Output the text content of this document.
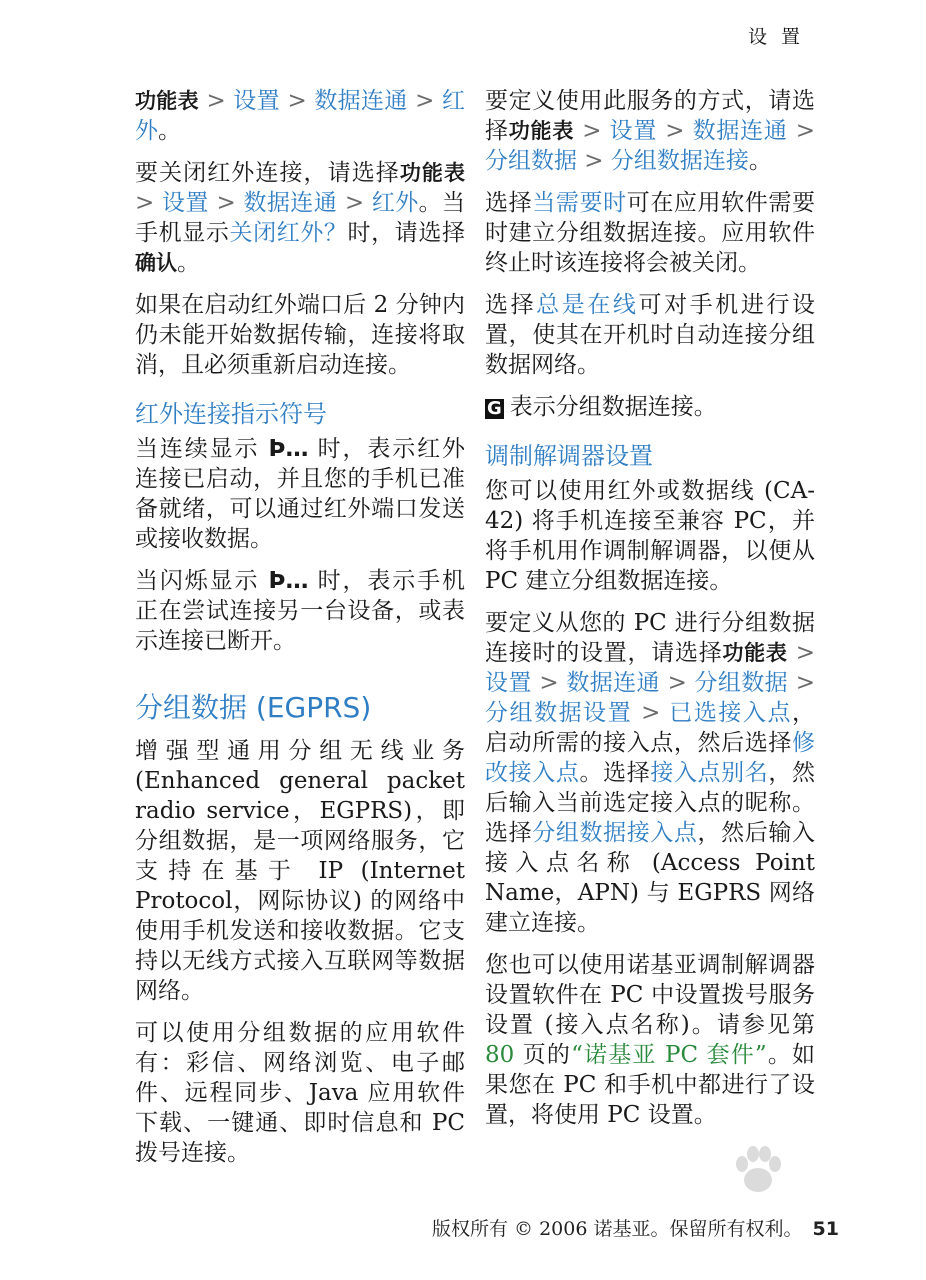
设 置

功能表 > 设置 > 数据连通 > 红外。

要关闭红外连接，请选择功能表 > 设置 > 数据连通 > 红外。当手机显示关闭红外？时，请选择确认。

如果在启动红外端口后 2 分钟内仍未能开始数据传输，连接将取消，且必须重新启动连接。

红外连接指示符号

当连续显示 Þ… 时，表示红外连接已启动，并且您的手机已准备就绪，可以通过红外端口发送或接收数据。

当闪烁显示 Þ… 时，表示手机正在尝试连接另一台设备，或表示连接已断开。

分组数据 (EGPRS)

增强型通用分组无线业务 (Enhanced general packet radio service，EGPRS)，即分组数据，是一项网络服务，它支持在基于 IP (Internet Protocol，网际协议) 的网络中使用手机发送和接收数据。它支持以无线方式接入互联网等数据网络。

可以使用分组数据的应用软件有：彩信、网络浏览、电子邮件、远程同步、Java 应用软件下载、一键通、即时信息和 PC 拨号连接。

要定义使用此服务的方式，请选择功能表 > 设置 > 数据连通 > 分组数据 > 分组数据连接。

选择当需要时可在应用软件需要时建立分组数据连接。应用软件终止时该连接将会被关闭。

选择总是在线可对手机进行设置，使其在开机时自动连接分组数据网络。

G 表示分组数据连接。

调制解调器设置

您可以使用红外或数据线 (CA-42) 将手机连接至兼容 PC，并将手机用作调制解调器，以便从 PC 建立分组数据连接。

要定义从您的 PC 进行分组数据连接时的设置，请选择功能表 > 设置 > 数据连通 > 分组数据 > 分组数据设置 > 已选接入点，启动所需的接入点，然后选择修改接入点。选择接入点别名，然后输入当前选定接入点的昵称。选择分组数据接入点，然后输入接入点名称 (Access Point Name，APN) 与 EGPRS 网络建立连接。

您也可以使用诺基亚调制解调器设置软件在 PC 中设置拨号服务设置 (接入点名称)。请参见第 80 页的“诺基亚 PC 套件”。如果您在 PC 和手机中都进行了设置，将使用 PC 设置。

版权所有 © 2006 诺基亚。保留所有权利。 51
